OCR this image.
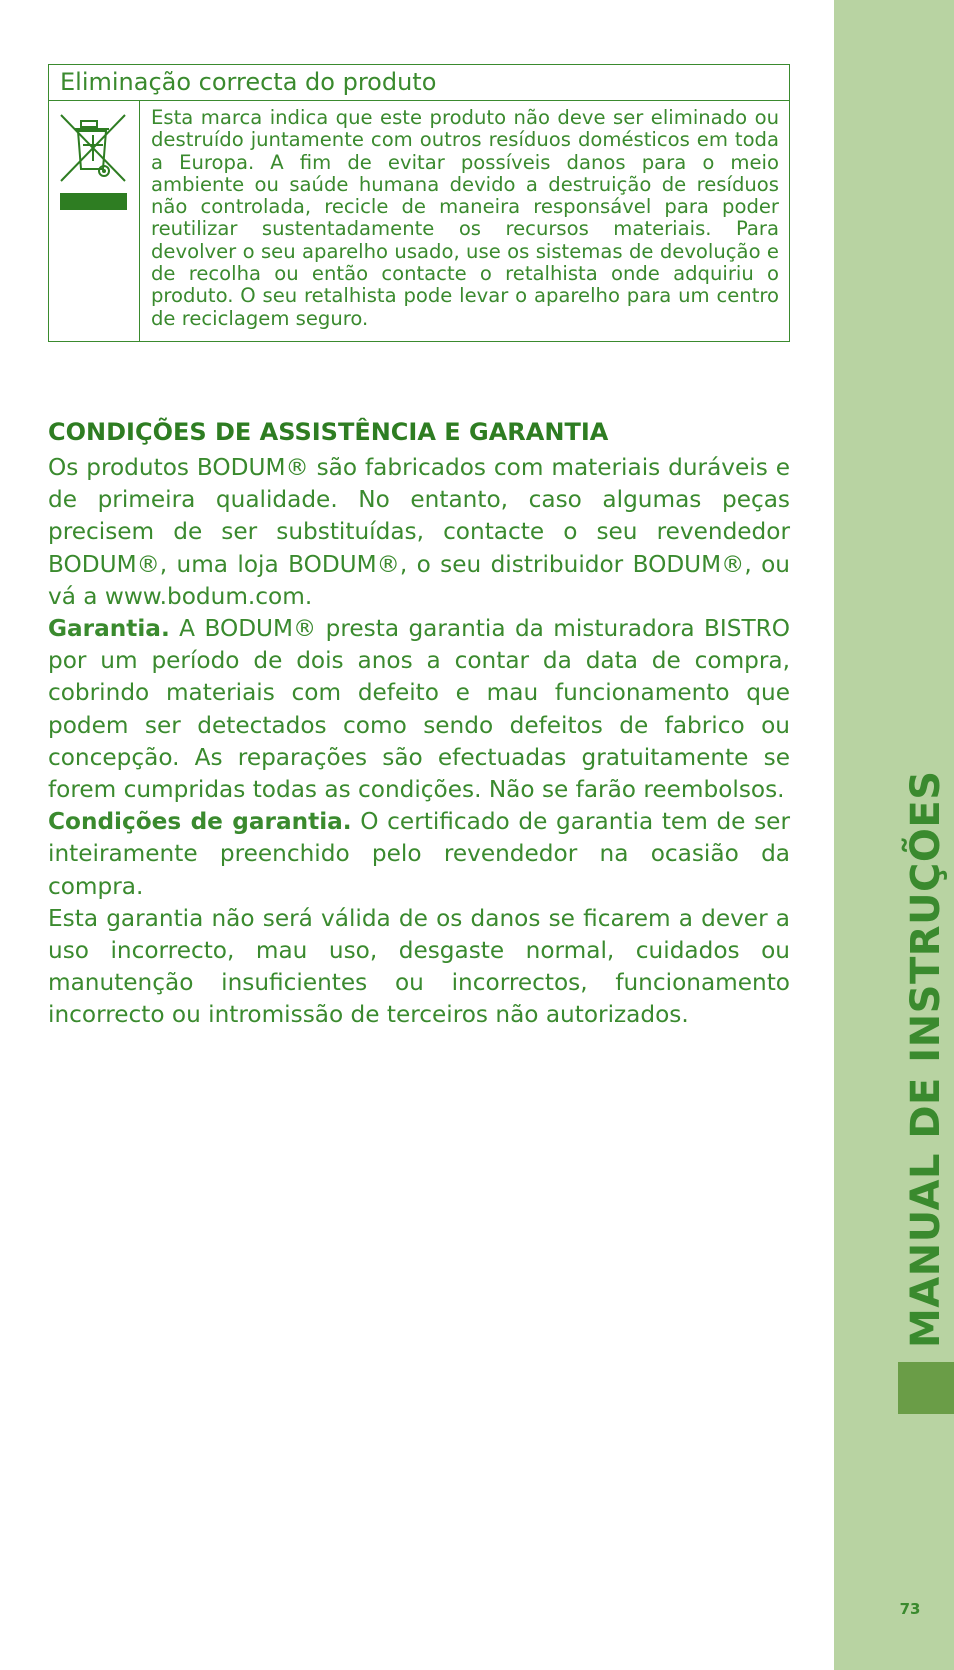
Eliminação correcta do produto

Esta marca indica que este produto não deve ser eliminado ou destruído juntamente com outros resíduos domésticos em toda a Europa. A fim de evitar possíveis danos para o meio ambiente ou saúde humana devido a destruição de resíduos não controlada, recicle de maneira responsável para poder reutilizar sustentadamente os recursos materiais. Para devolver o seu aparelho usado, use os sistemas de devolução e de recolha ou então contacte o retalhista onde adquiriu o produto. O seu retalhista pode levar o aparelho para um centro de reciclagem seguro.

CONDIÇÕES DE ASSISTÊNCIA E GARANTIA

Os produtos BODUM® são fabricados com materiais duráveis e de primeira qualidade. No entanto, caso algumas peças precisem de ser substituídas, contacte o seu revendedor BODUM®, uma loja BODUM®, o seu distribuidor BODUM®, ou vá a www.bodum.com.

Garantia. A BODUM® presta garantia da misturadora BISTRO por um período de dois anos a contar da data de compra, cobrindo materiais com defeito e mau funcionamento que podem ser detectados como sendo defeitos de fabrico ou concepção. As reparações são efectuadas gratuitamente se forem cumpridas todas as condições. Não se farão reembolsos.

Condições de garantia. O certificado de garantia tem de ser inteiramente preenchido pelo revendedor na ocasião da compra.

Esta garantia não será válida de os danos se ficarem a dever a uso incorrecto, mau uso, desgaste normal, cuidados ou manutenção insuficientes ou incorrectos, funcionamento incorrecto ou intromissão de terceiros não autorizados.	MANUAL DE INSTRUÇÕES
73
